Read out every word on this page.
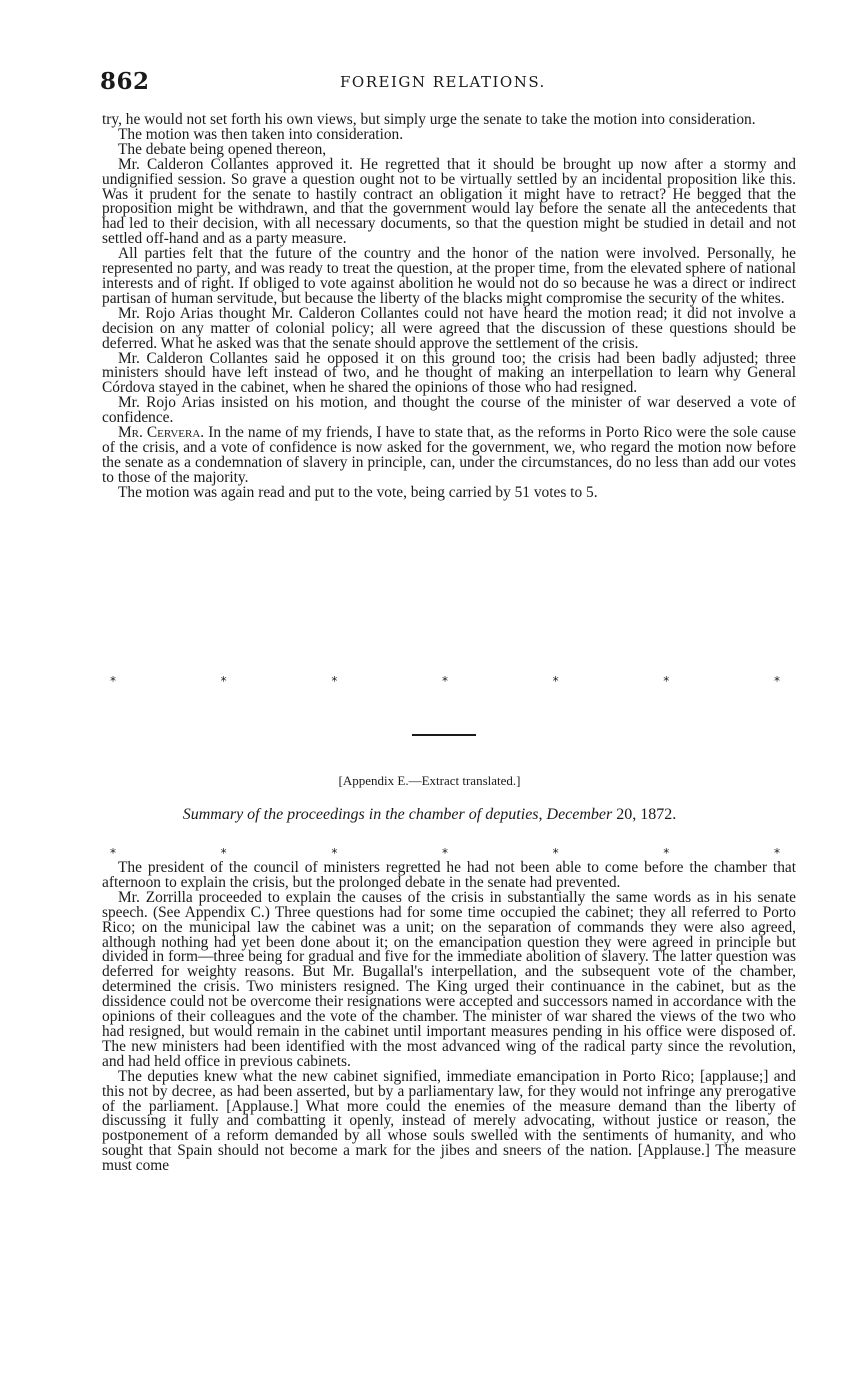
862	FOREIGN RELATIONS.

try, he would not set forth his own views, but simply urge the senate to take the motion into consideration.

The motion was then taken into consideration.

The debate being opened thereon,

Mr. Calderon Collantes approved it. He regretted that it should be brought up now after a stormy and undignified session. So grave a question ought not to be virtually settled by an incidental proposition like this. Was it prudent for the senate to hastily contract an obligation it might have to retract? He begged that the proposition might be withdrawn, and that the government would lay before the senate all the antecedents that had led to their decision, with all necessary documents, so that the question might be studied in detail and not settled off-hand and as a party measure.

All parties felt that the future of the country and the honor of the nation were involved. Personally, he represented no party, and was ready to treat the question, at the proper time, from the elevated sphere of national interests and of right. If obliged to vote against abolition he would not do so because he was a direct or indirect partisan of human servitude, but because the liberty of the blacks might compromise the security of the whites.

Mr. Rojo Arias thought Mr. Calderon Collantes could not have heard the motion read; it did not involve a decision on any matter of colonial policy; all were agreed that the discussion of these questions should be deferred. What he asked was that the senate should approve the settlement of the crisis.

Mr. Calderon Collantes said he opposed it on this ground too; the crisis had been badly adjusted; three ministers should have left instead of two, and he thought of making an interpellation to learn why General Córdova stayed in the cabinet, when he shared the opinions of those who had resigned.

Mr. Rojo Arias insisted on his motion, and thought the course of the minister of war deserved a vote of confidence.

Mr. Cervera. In the name of my friends, I have to state that, as the reforms in Porto Rico were the sole cause of the crisis, and a vote of confidence is now asked for the government, we, who regard the motion now before the senate as a condemnation of slavery in principle, can, under the circumstances, do no less than add our votes to those of the majority.

The motion was again read and put to the vote, being carried by 51 votes to 5.

*	*	*	*	*	*	*
[Appendix E.—Extract translated.]
Summary of the proceedings in the chamber of deputies, December 20, 1872.
*	*	*	*	*	*	*

The president of the council of ministers regretted he had not been able to come before the chamber that afternoon to explain the crisis, but the prolonged debate in the senate had prevented.

Mr. Zorrilla proceeded to explain the causes of the crisis in substantially the same words as in his senate speech. (See Appendix C.) Three questions had for some time occupied the cabinet; they all referred to Porto Rico; on the municipal law the cabinet was a unit; on the separation of commands they were also agreed, although nothing had yet been done about it; on the emancipation question they were agreed in principle but divided in form—three being for gradual and five for the immediate abolition of slavery. The latter question was deferred for weighty reasons. But Mr. Bugallal's interpellation, and the subsequent vote of the chamber, determined the crisis. Two ministers resigned. The King urged their continuance in the cabinet, but as the dissidence could not be overcome their resignations were accepted and successors named in accordance with the opinions of their colleagues and the vote of the chamber. The minister of war shared the views of the two who had resigned, but would remain in the cabinet until important measures pending in his office were disposed of. The new ministers had been identified with the most advanced wing of the radical party since the revolution, and had held office in previous cabinets.

The deputies knew what the new cabinet signified, immediate emancipation in Porto Rico; [applause;] and this not by decree, as had been asserted, but by a parliamentary law, for they would not infringe any prerogative of the parliament. [Applause.] What more could the enemies of the measure demand than the liberty of discussing it fully and combatting it openly, instead of merely advocating, without justice or reason, the postponement of a reform demanded by all whose souls swelled with the sentiments of humanity, and who sought that Spain should not become a mark for the jibes and sneers of the nation. [Applause.] The measure must come
